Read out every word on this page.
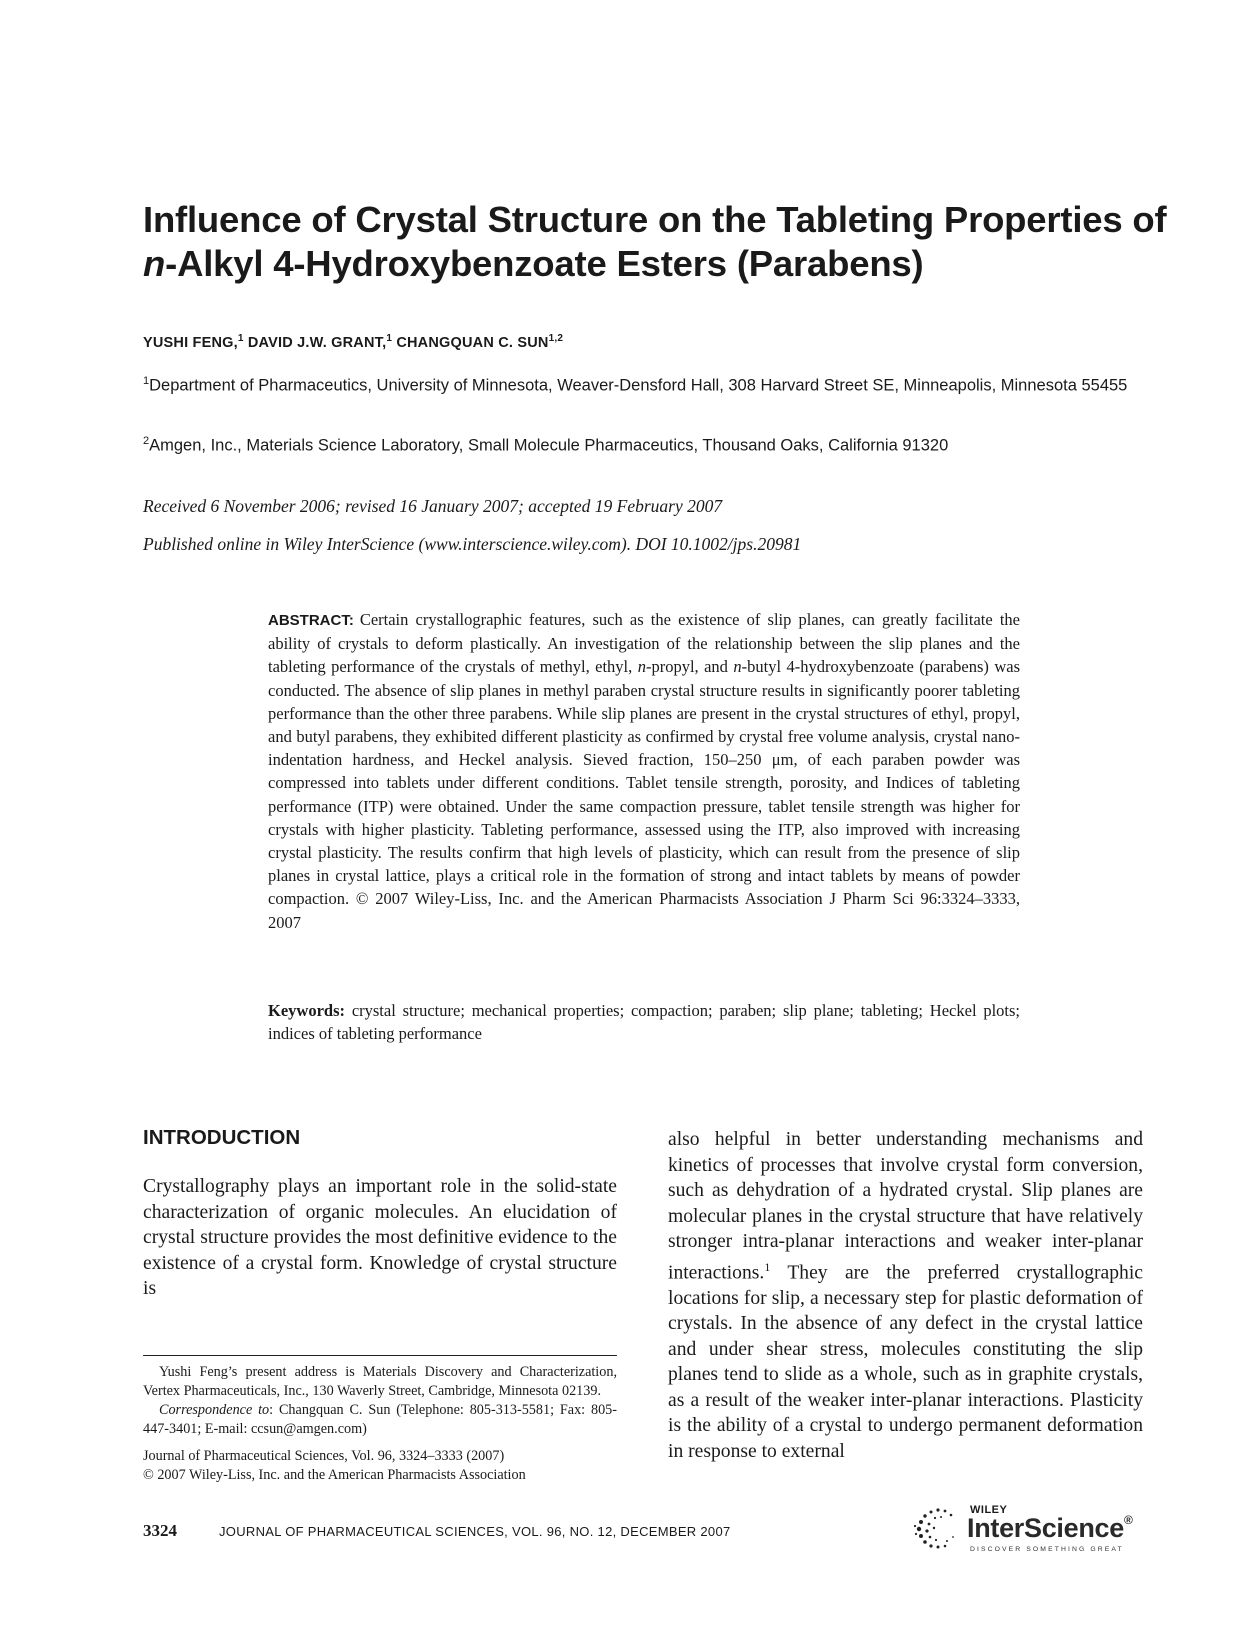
Influence of Crystal Structure on the Tableting Properties of
n-Alkyl 4-Hydroxybenzoate Esters (Parabens)
YUSHI FENG,$^1$ DAVID J.W. GRANT,$^1$ CHANGQUAN C. SUN$^{1,2}$
$^1$Department of Pharmaceutics, University of Minnesota, Weaver-Densford Hall, 308 Harvard Street SE, Minneapolis, Minnesota 55455
$^2$Amgen, Inc., Materials Science Laboratory, Small Molecule Pharmaceutics, Thousand Oaks, California 91320
Received 6 November 2006; revised 16 January 2007; accepted 19 February 2007
Published online in Wiley InterScience (www.interscience.wiley.com). DOI 10.1002/jps.20981
ABSTRACT: Certain crystallographic features, such as the existence of slip planes, can greatly facilitate the ability of crystals to deform plastically. An investigation of the relationship between the slip planes and the tableting performance of the crystals of methyl, ethyl, n-propyl, and n-butyl 4-hydroxybenzoate (parabens) was conducted. The absence of slip planes in methyl paraben crystal structure results in significantly poorer tableting performance than the other three parabens. While slip planes are present in the crystal structures of ethyl, propyl, and butyl parabens, they exhibited different plasticity as confirmed by crystal free volume analysis, crystal nano-indentation hardness, and Heckel analysis. Sieved fraction, 150–250 μm, of each paraben powder was compressed into tablets under different conditions. Tablet tensile strength, porosity, and Indices of tableting performance (ITP) were obtained. Under the same compaction pressure, tablet tensile strength was higher for crystals with higher plasticity. Tableting performance, assessed using the ITP, also improved with increasing crystal plasticity. The results confirm that high levels of plasticity, which can result from the presence of slip planes in crystal lattice, plays a critical role in the formation of strong and intact tablets by means of powder compaction. © 2007 Wiley-Liss, Inc. and the American Pharmacists Association J Pharm Sci 96:3324–3333, 2007
Keywords: crystal structure; mechanical properties; compaction; paraben; slip plane; tableting; Heckel plots; indices of tableting performance
INTRODUCTION
Crystallography plays an important role in the solid-state characterization of organic molecules. An elucidation of crystal structure provides the most definitive evidence to the existence of a crystal form. Knowledge of crystal structure is
also helpful in better understanding mechanisms and kinetics of processes that involve crystal form conversion, such as dehydration of a hydrated crystal. Slip planes are molecular planes in the crystal structure that have relatively stronger intra-planar interactions and weaker inter-planar interactions.$^1$ They are the preferred crystallographic locations for slip, a necessary step for plastic deformation of crystals. In the absence of any defect in the crystal lattice and under shear stress, molecules constituting the slip planes tend to slide as a whole, such as in graphite crystals, as a result of the weaker inter-planar interactions. Plasticity is the ability of a crystal to undergo permanent deformation in response to external

Yushi Feng’s present address is Materials Discovery and Characterization, Vertex Pharmaceuticals, Inc., 130 Waverly Street, Cambridge, Minnesota 02139.

Correspondence to: Changquan C. Sun (Telephone: 805-313-5581; Fax: 805-447-3401; E-mail: ccsun@amgen.com)

Journal of Pharmaceutical Sciences, Vol. 96, 3324–3333 (2007)

© 2007 Wiley-Liss, Inc. and the American Pharmacists Association

3324	JOURNAL OF PHARMACEUTICAL SCIENCES, VOL. 96, NO. 12, DECEMBER 2007
WILEY
InterScience®
DISCOVER SOMETHING GREAT
